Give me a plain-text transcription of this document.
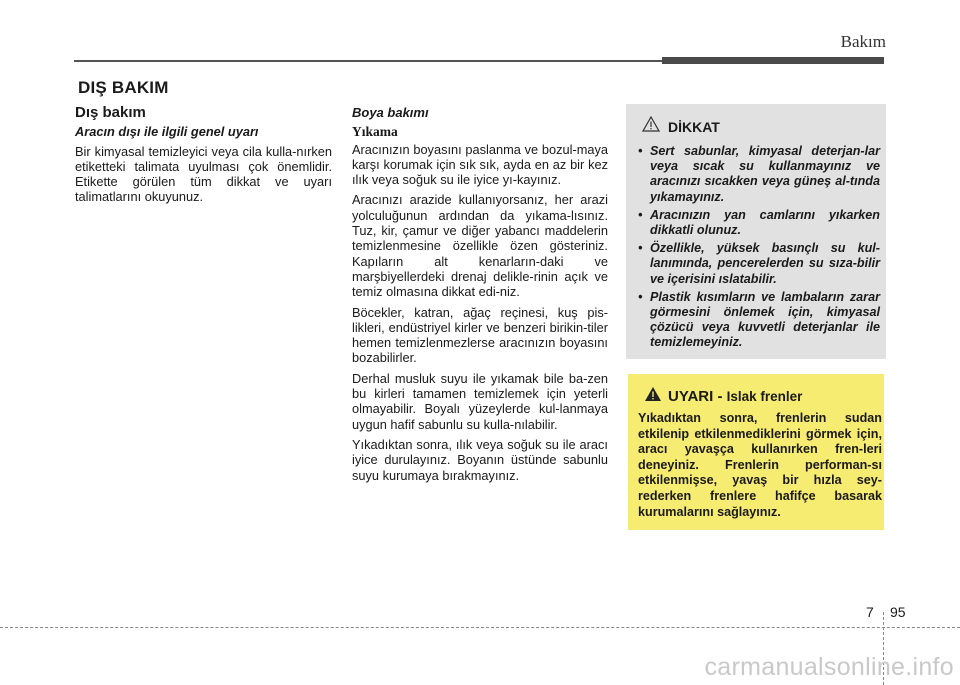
Bakım
DIŞ BAKIM
Dış bakım
Aracın dışı ile ilgili genel uyarı

Bir kimyasal temizleyici veya cila kulla-nırken etiketteki talimata uyulması çok önemlidir. Etikette görülen tüm dikkat ve uyarı talimatlarını okuyunuz.

Boya bakımı
Yıkama

Aracınızın boyasını paslanma ve bozul-maya karşı korumak için sık sık, ayda en az bir kez ılık veya soğuk su ile iyice yı-kayınız.

Aracınızı arazide kullanıyorsanız, her arazi yolculuğunun ardından da yıkama-lısınız. Tuz, kir, çamur ve diğer yabancı maddelerin temizlenmesine özellikle özen gösteriniz. Kapıların alt kenarların-daki ve marşbiyellerdeki drenaj delikle-rinin açık ve temiz olmasına dikkat edi-niz.

Böcekler, katran, ağaç reçinesi, kuş pis-likleri, endüstriyel kirler ve benzeri birikin-tiler hemen temizlenmezlerse aracınızın boyasını bozabilirler.

Derhal musluk suyu ile yıkamak bile ba-zen bu kirleri tamamen temizlemek için yeterli olmayabilir. Boyalı yüzeylerde kul-lanmaya uygun hafif sabunlu su kulla-nılabilir.

Yıkadıktan sonra, ılık veya soğuk su ile aracı iyice durulayınız. Boyanın üstünde sabunlu suyu kurumaya bırakmayınız.

DİKKAT
• Sert sabunlar, kimyasal deterjan-lar veya sıcak su kullanmayınız ve aracınızı sıcakken veya güneş al-tında yıkamayınız.
• Aracınızın yan camlarını yıkarken dikkatli olunuz.
• Özellikle, yüksek basınçlı su kul-lanımında, pencerelerden su sıza-bilir ve içerisini ıslatabilir.
• Plastik kısımların ve lambaların zarar görmesini önlemek için, kimyasal çözücü veya kuvvetli deterjanlar ile temizlemeyiniz.
UYARI - Islak frenler

Yıkadıktan sonra, frenlerin sudan etkilenip etkilenmediklerini görmek için, aracı yavaşça kullanırken fren-leri deneyiniz. Frenlerin performan-sı etkilenmişse, yavaş bir hızla sey-rederken frenlere hafifçe basarak kurumalarını sağlayınız.

7 95
carmanualsonline.info
